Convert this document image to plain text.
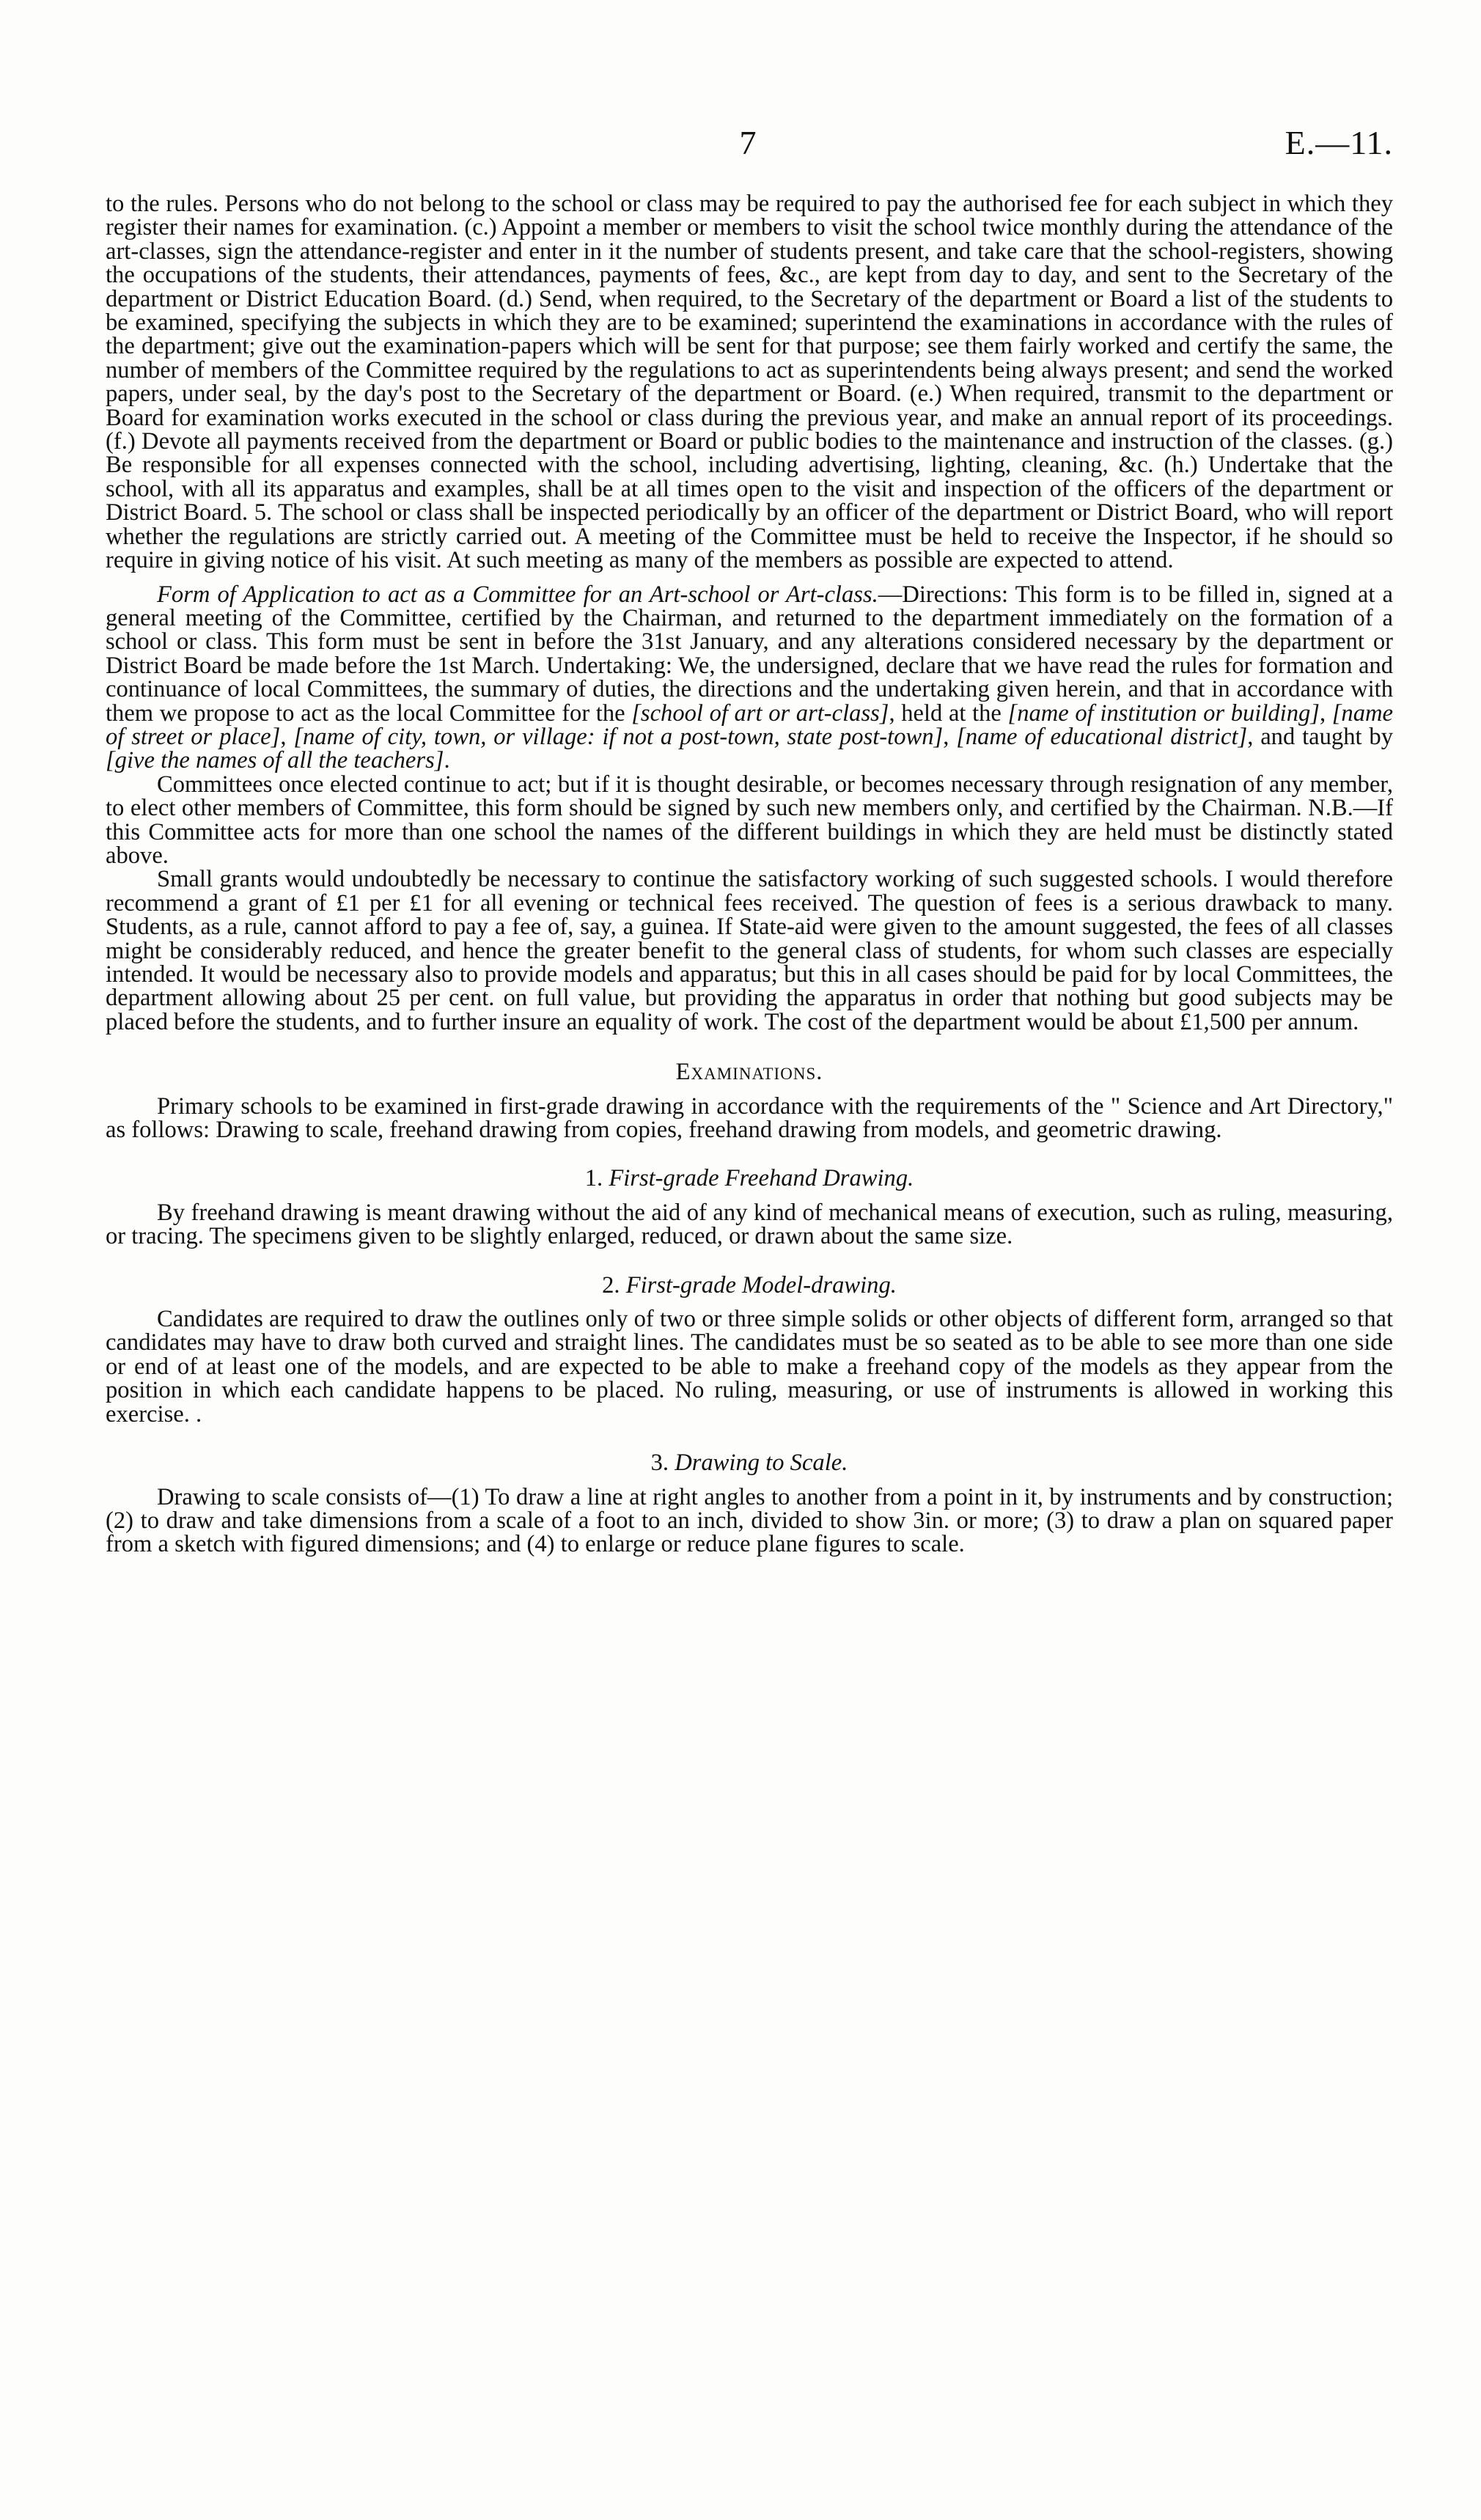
7	E.—11.

to the rules. Persons who do not belong to the school or class may be required to pay the authorised fee for each subject in which they register their names for examination. (c.) Appoint a member or members to visit the school twice monthly during the attendance of the art-classes, sign the attendance-register and enter in it the number of students present, and take care that the school-registers, showing the occupations of the students, their attendances, payments of fees, &c., are kept from day to day, and sent to the Secretary of the department or District Education Board. (d.) Send, when required, to the Secretary of the department or Board a list of the students to be examined, specifying the subjects in which they are to be examined; superintend the examinations in accordance with the rules of the department; give out the examination-papers which will be sent for that purpose; see them fairly worked and certify the same, the number of members of the Committee required by the regulations to act as superintendents being always present; and send the worked papers, under seal, by the day's post to the Secretary of the department or Board. (e.) When required, transmit to the department or Board for examination works executed in the school or class during the previous year, and make an annual report of its proceedings. (f.) Devote all payments received from the department or Board or public bodies to the maintenance and instruction of the classes. (g.) Be responsible for all expenses connected with the school, including advertising, lighting, cleaning, &c. (h.) Undertake that the school, with all its apparatus and examples, shall be at all times open to the visit and inspection of the officers of the department or District Board. 5. The school or class shall be inspected periodically by an officer of the department or District Board, who will report whether the regulations are strictly carried out. A meeting of the Committee must be held to receive the Inspector, if he should so require in giving notice of his visit. At such meeting as many of the members as possible are expected to attend.

Form of Application to act as a Committee for an Art-school or Art-class.—Directions: This form is to be filled in, signed at a general meeting of the Committee, certified by the Chairman, and returned to the department immediately on the formation of a school or class. This form must be sent in before the 31st January, and any alterations considered necessary by the department or District Board be made before the 1st March. Undertaking: We, the undersigned, declare that we have read the rules for formation and continuance of local Committees, the summary of duties, the directions and the undertaking given herein, and that in accordance with them we propose to act as the local Committee for the [school of art or art-class], held at the [name of institution or building], [name of street or place], [name of city, town, or village: if not a post-town, state post-town], [name of educational district], and taught by [give the names of all the teachers].

Committees once elected continue to act; but if it is thought desirable, or becomes necessary through resignation of any member, to elect other members of Committee, this form should be signed by such new members only, and certified by the Chairman. N.B.—If this Committee acts for more than one school the names of the different buildings in which they are held must be distinctly stated above.

Small grants would undoubtedly be necessary to continue the satisfactory working of such suggested schools. I would therefore recommend a grant of £1 per £1 for all evening or technical fees received. The question of fees is a serious drawback to many. Students, as a rule, cannot afford to pay a fee of, say, a guinea. If State-aid were given to the amount suggested, the fees of all classes might be considerably reduced, and hence the greater benefit to the general class of students, for whom such classes are especially intended. It would be necessary also to provide models and apparatus; but this in all cases should be paid for by local Committees, the department allowing about 25 per cent. on full value, but providing the apparatus in order that nothing but good subjects may be placed before the students, and to further insure an equality of work. The cost of the department would be about £1,500 per annum.

Examinations.

Primary schools to be examined in first-grade drawing in accordance with the requirements of the " Science and Art Directory," as follows: Drawing to scale, freehand drawing from copies, freehand drawing from models, and geometric drawing.

1. First-grade Freehand Drawing.

By freehand drawing is meant drawing without the aid of any kind of mechanical means of execution, such as ruling, measuring, or tracing. The specimens given to be slightly enlarged, reduced, or drawn about the same size.

2. First-grade Model-drawing.

Candidates are required to draw the outlines only of two or three simple solids or other objects of different form, arranged so that candidates may have to draw both curved and straight lines. The candidates must be so seated as to be able to see more than one side or end of at least one of the models, and are expected to be able to make a freehand copy of the models as they appear from the position in which each candidate happens to be placed. No ruling, measuring, or use of instruments is allowed in working this exercise. .

3. Drawing to Scale.

Drawing to scale consists of—(1) To draw a line at right angles to another from a point in it, by instruments and by construction; (2) to draw and take dimensions from a scale of a foot to an inch, divided to show 3in. or more; (3) to draw a plan on squared paper from a sketch with figured dimensions; and (4) to enlarge or reduce plane figures to scale.
